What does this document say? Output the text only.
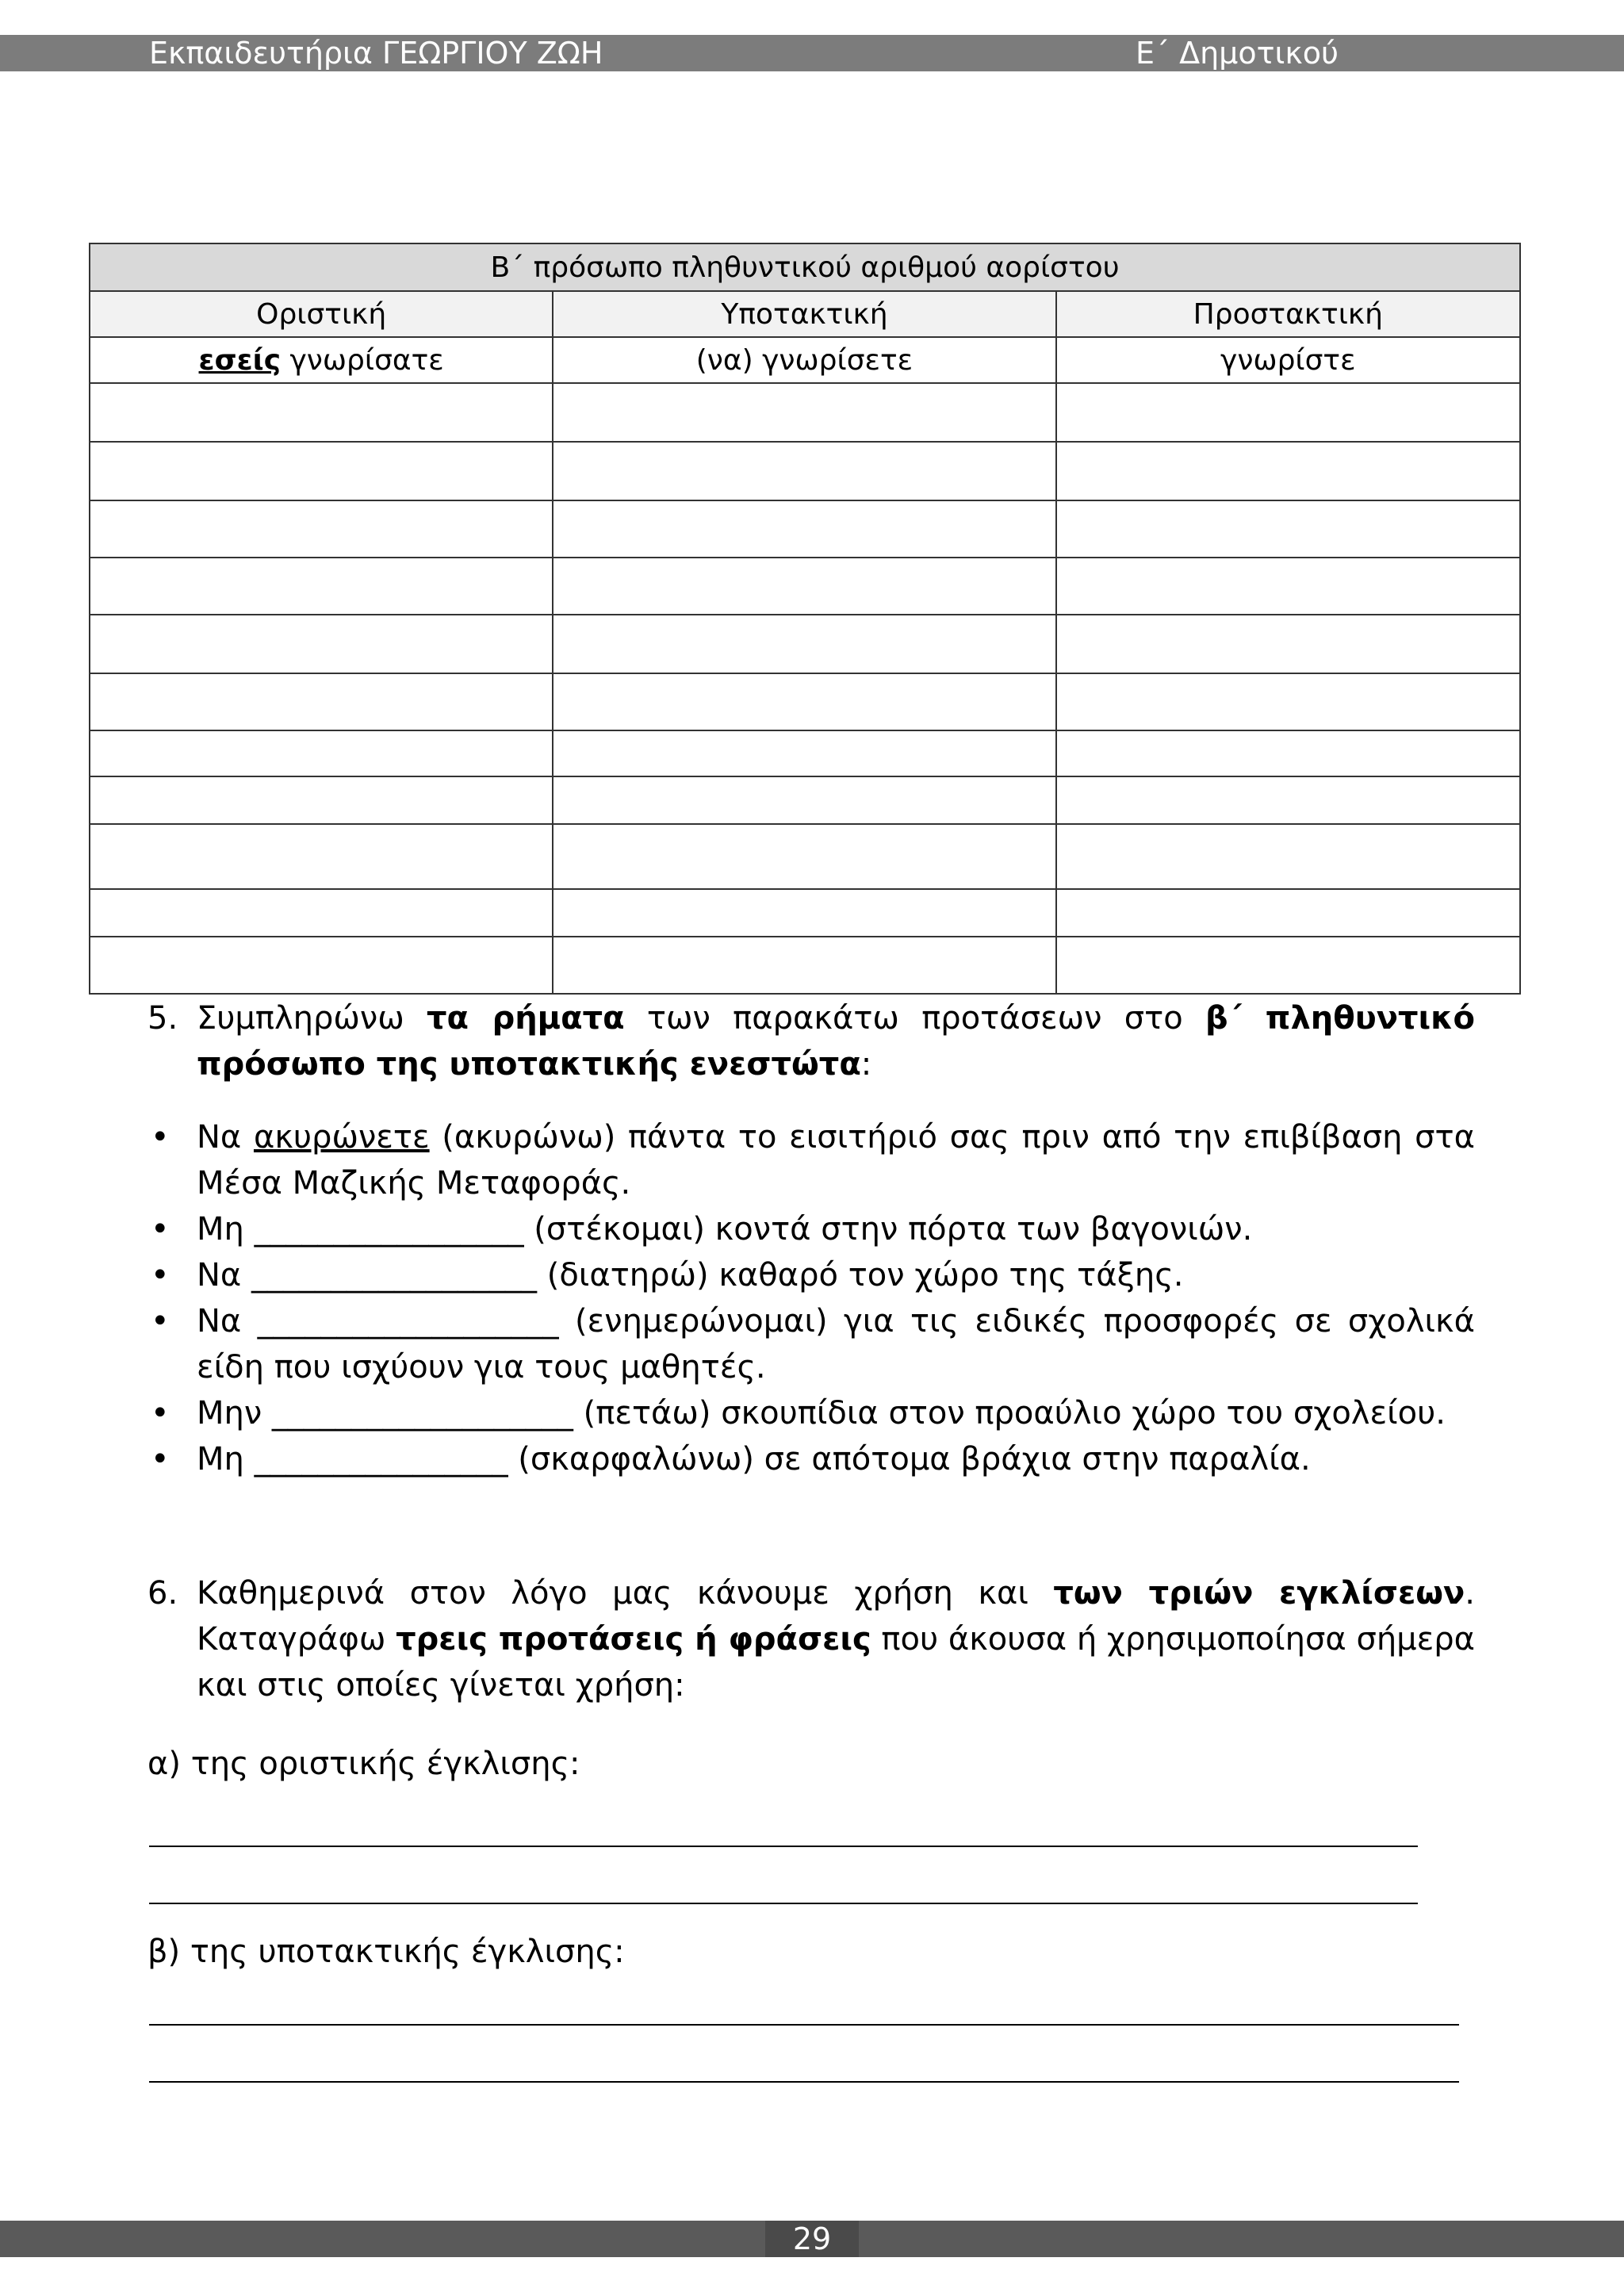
Εκπαιδευτήρια ΓΕΩΡΓΙΟΥ ΖΩΗ	Ε΄ Δημοτικού
Β΄ πρόσωπο πληθυντικού αριθμού αορίστου		
Οριστική	Υποτακτική	Προστακτική
εσείς γνωρίσατε	(να) γνωρίσετε	γνωρίστε

5. Συμπληρώνω τα ρήματα των παρακάτω προτάσεων στο β΄ πληθυντικό πρόσωπο της υποτακτικής ενεστώτα:
• Να ακυρώνετε (ακυρώνω) πάντα το εισιτήριό σας πριν από την επιβίβαση στα Μέσα Μαζικής Μεταφοράς.
• Μη _________________ (στέκομαι) κοντά στην πόρτα των βαγονιών.
• Να __________________ (διατηρώ) καθαρό τον χώρο της τάξης.
• Να ___________________ (ενημερώνομαι) για τις ειδικές προσφορές σε σχολικά είδη που ισχύουν για τους μαθητές.
• Μην ___________________ (πετάω) σκουπίδια στον προαύλιο χώρο του σχολείου.
• Μη ________________ (σκαρφαλώνω) σε απότομα βράχια στην παραλία.
6. Καθημερινά στον λόγο μας κάνουμε χρήση και των τριών εγκλίσεων. Καταγράφω τρεις προτάσεις ή φράσεις που άκουσα ή χρησιμοποίησα σήμερα και στις οποίες γίνεται χρήση:
α) της οριστικής έγκλισης:
β) της υποτακτικής έγκλισης:
29
